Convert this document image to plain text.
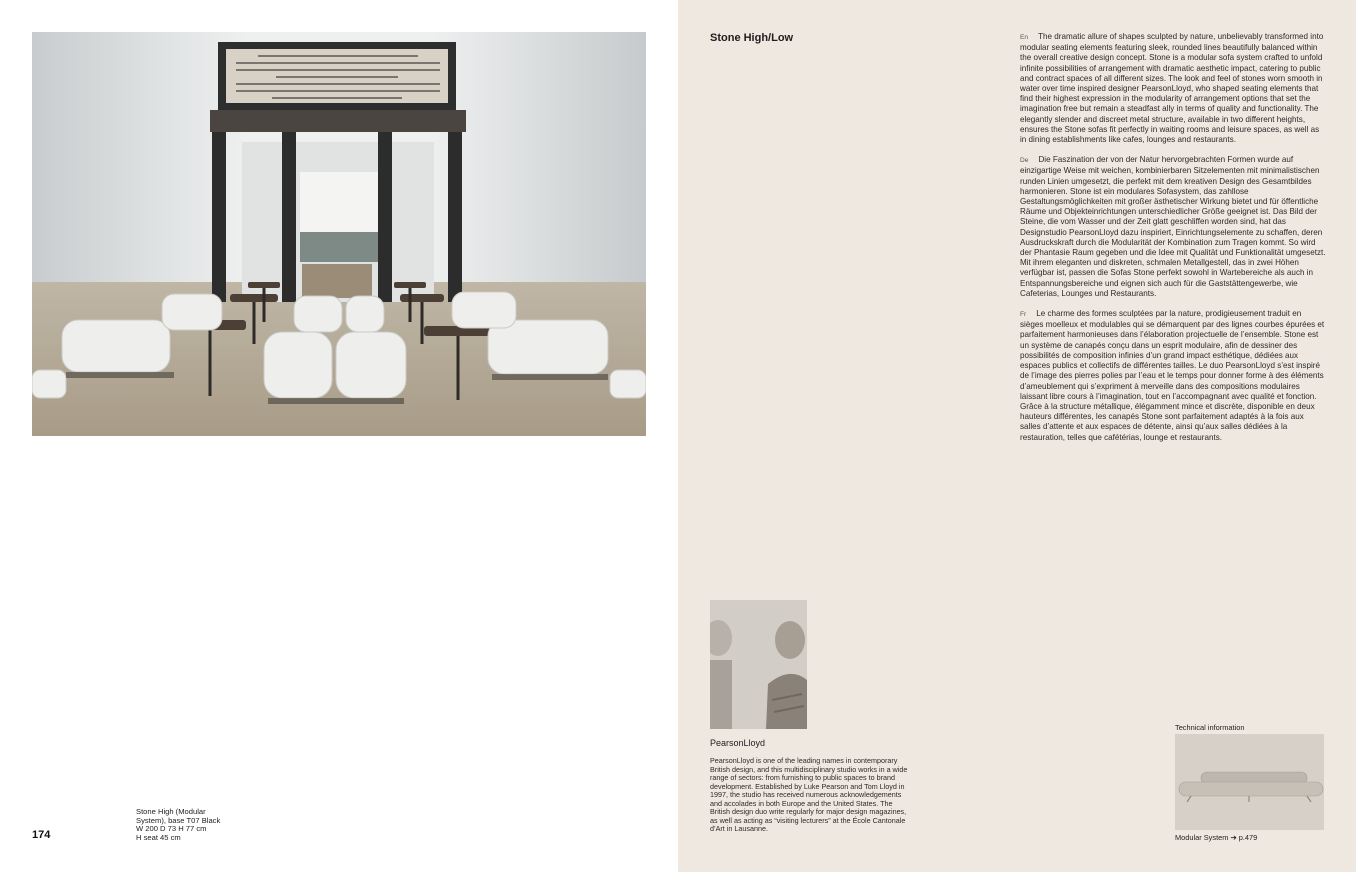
Stone High (Modular
System), base T07 Black
W 200 D 73 H 77 cm
H seat 45 cm
174
Stone High/Low	En The dramatic allure of shapes sculpted by nature, unbelievably transformed into modular seating elements featuring sleek, rounded lines beautifully balanced within the overall creative design concept. Stone is a modular sofa system crafted to unfold infinite possibilities of arrangement with dramatic aesthetic impact, catering to public and contract spaces of all different sizes. The look and feel of stones worn smooth in water over time inspired designer PearsonLloyd, who shaped seating elements that find their highest expression in the modularity of arrangement options that set the imagination free but remain a steadfast ally in terms of quality and functionality. The elegantly slender and discreet metal structure, available in two different heights, ensures the Stone sofas fit perfectly in waiting rooms and leisure spaces, as well as in dining establishments like cafes, lounges and restaurants.

De Die Faszination der von der Natur hervorgebrachten Formen wurde auf einzigartige Weise mit weichen, kombinierbaren Sitzelementen mit minimalistischen runden Linien umgesetzt, die perfekt mit dem kreativen Design des Gesamtbildes harmonieren. Stone ist ein modulares Sofasystem, das zahllose Gestaltungsmöglichkeiten mit großer ästhetischer Wirkung bietet und für öffentliche Räume und Objekteinrichtungen unterschiedlicher Größe geeignet ist. Das Bild der Steine, die vom Wasser und der Zeit glatt geschliffen worden sind, hat das Designstudio PearsonLloyd dazu inspiriert, Einrichtungselemente zu schaffen, deren Ausdruckskraft durch die Modularität der Kombination zum Tragen kommt. So wird der Phantasie Raum gegeben und die Idee mit Qualität und Funktionalität umgesetzt. Mit ihrem eleganten und diskreten, schmalen Metallgestell, das in zwei Höhen verfügbar ist, passen die Sofas Stone perfekt sowohl in Wartebereiche als auch in Entspannungsbereiche und eignen sich auch für die Gaststättengewerbe, wie Cafeterias, Lounges und Restaurants.

Fr Le charme des formes sculptées par la nature, prodigieusement traduit en sièges moelleux et modulables qui se démarquent par des lignes courbes épurées et parfaitement harmonieuses dans l’élaboration projectuelle de l’ensemble. Stone est un système de canapés conçu dans un esprit modulaire, afin de dessiner des possibilités de composition infinies d’un grand impact esthétique, dédiées aux espaces publics et collectifs de différentes tailles. Le duo PearsonLloyd s’est inspiré de l’image des pierres polies par l’eau et le temps pour donner forme à des éléments d’ameublement qui s’expriment à merveille dans des compositions modulaires laissant libre cours à l’imagination, tout en l’accompagnant avec qualité et fonction. Grâce à la structure métallique, élégamment mince et discrète, disponible en deux hauteurs différentes, les canapés Stone sont parfaitement adaptés à la fois aux salles d’attente et aux espaces de détente, ainsi qu’aux salles dédiées à la restauration, telles que cafétérias, lounge et restaurants.

PearsonLloyd

PearsonLloyd is one of the leading names in contemporary British design, and this multidisciplinary studio works in a wide range of sectors: from furnishing to public spaces to brand development. Established by Luke Pearson and Tom Lloyd in 1997, the studio has received numerous acknowledgements and accolades in both Europe and the United States. The British design duo write regularly for major design magazines, as well as acting as “visiting lecturers” at the École Cantonale d’Art in Lausanne.

Technical information
Modular System ➔ p.479
